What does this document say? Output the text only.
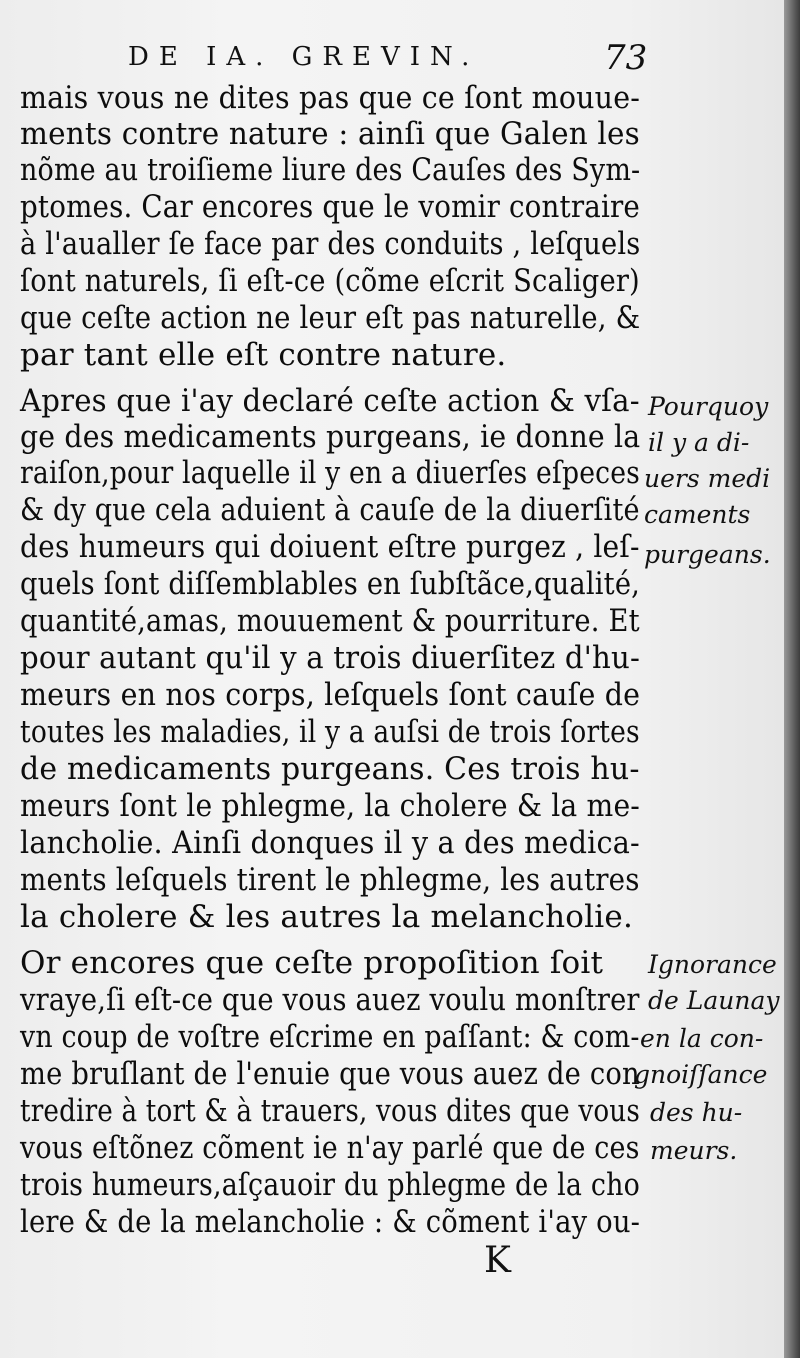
DE IA. GREVIN.	73
mais vous ne dites pas que ce ſont mouue-
ments contre nature : ainſi que Galen les
nõme au troiſieme liure des Cauſes des Sym-
ptomes. Car encores que le vomir contraire
à l'aualler ſe face par des conduits , leſquels
ſont naturels, ſi eſt-ce (cõme eſcrit Scaliger)
que ceſte action ne leur eſt pas naturelle, &
par tant elle eſt contre nature.
Apres que i'ay declaré ceſte action & vſa-
ge des medicaments purgeans, ie donne la
raiſon,pour laquelle il y en a diuerſes eſpeces
& dy que cela aduient à cauſe de la diuerſité
des humeurs qui doiuent eſtre purgez , leſ-
quels ſont diſſemblables en ſubſtãce,qualité,
quantité,amas, mouuement & pourriture. Et
pour autant qu'il y a trois diuerſitez d'hu-
meurs en nos corps, leſquels ſont cauſe de
toutes les maladies, il y a auſsi de trois ſortes
de medicaments purgeans. Ces trois hu-
meurs ſont le phlegme, la cholere & la me-
lancholie. Ainſi donques il y a des medica-
ments leſquels tirent le phlegme, les autres
la cholere & les autres la melancholie.
Or encores que ceſte propoſition ſoit
vraye,ſi eſt-ce que vous auez voulu monſtrer
vn coup de voſtre eſcrime en paſſant: & com-
me bruſlant de l'enuie que vous auez de con
tredire à tort & à trauers, vous dites que vous
vous eſtõnez cõment ie n'ay parlé que de ces
trois humeurs,aſçauoir du phlegme de la cho
lere & de la melancholie : & cõment i'ay ou-
Pourquoy
il y a di-
uers medi
caments
purgeans.
Ignorance
de Launay
en la con-
gnoiſſance
des hu-
meurs.
K
